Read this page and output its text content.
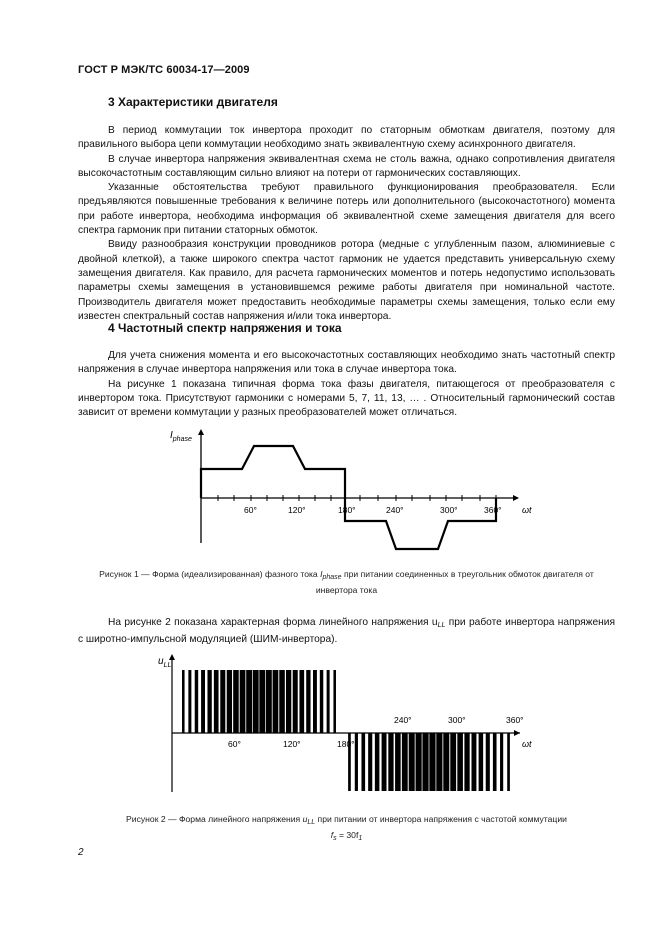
ГОСТ Р МЭК/ТС 60034-17—2009
3 Характеристики двигателя

В период коммутации ток инвертора проходит по статорным обмоткам двигателя, поэтому для правильного выбора цепи коммутации необходимо знать эквивалентную схему асинхронного двигателя.

В случае инвертора напряжения эквивалентная схема не столь важна, однако сопротивления двигателя высокочастотным составляющим сильно влияют на потери от гармонических составляющих.

Указанные обстоятельства требуют правильного функционирования преобразователя. Если предъявляются повышенные требования к величине потерь или дополнительного (высокочастотного) момента при работе инвертора, необходима информация об эквивалентной схеме замещения двигателя для всего спектра гармоник при питании статорных обмоток.

Ввиду разнообразия конструкции проводников ротора (медные с углубленным пазом, алюминиевые с двойной клеткой), а также широкого спектра частот гармоник не удается представить универсальную схему замещения двигателя. Как правило, для расчета гармонических моментов и потерь недопустимо использовать параметры схемы замещения в установившемся режиме работы двигателя при номинальной частоте. Производитель двигателя может предоставить необходимые параметры схемы замещения, только если ему известен спектральный состав напряжения и/или тока инвертора.

4 Частотный спектр напряжения и тока

Для учета снижения момента и его высокочастотных составляющих необходимо знать частотный спектр напряжения в случае инвертора напряжения или тока в случае инвертора тока.

На рисунке 1 показана типичная форма тока фазы двигателя, питающегося от преобразователя с инвертором тока. Присутствуют гармоники с номерами 5, 7, 11, 13, … . Относительный гармонический состав зависит от времени коммутации у разных преобразователей может отличаться.

$I_{phase}$
ωt
60°	120°	180°	240°	300°	360°
Рисунок 1 — Форма (идеализированная) фазного тока $I_{phase}$ при питании соединенных в треугольник обмоток двигателя от инвертора тока

На рисунке 2 показана характерная форма линейного напряжения $u_{LL}$ при работе инвертора напряжения с широтно-импульсной модуляцией (ШИМ-инвертора).

$u_{LL}$
ωt
60°	120°	180°
240°	300°	360°
Рисунок 2 — Форма линейного напряжения $u_{LL}$ при питании от инвертора напряжения с частотой коммутации
$f_s = 30f_1$
2
